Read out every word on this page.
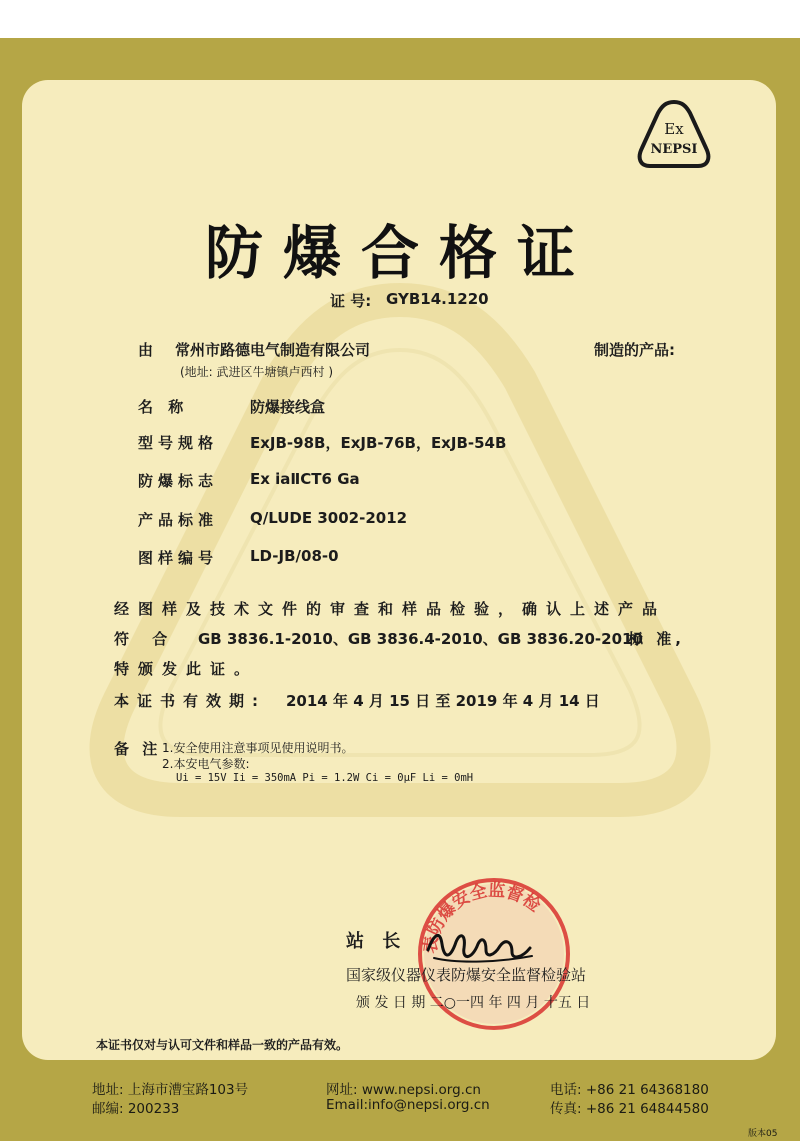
Ex
NEPSI
防爆合格证
证 号: GYB14.1220
由 常州市路德电气制造有限公司
(地址: 武进区牛塘镇卢西村 )
制造的产品:
名 称	防爆接线盒
型号规格 ExJB-98B，ExJB-76B，ExJB-54B
防爆标志 Ex iaⅡCT6 Ga
产品标准 Q/LUDE 3002-2012
图样编号 LD-JB/08-0
经图样及技术文件的审查和样品检验，确认上述产品
符 合 GB 3836.1-2010、GB 3836.4-2010、GB 3836.20-2010
标 准,
特颁发此证。
本证书有效期: 2014 年 4 月 15 日 至 2019 年 4 月 14 日
备 注 1.安全使用注意事项见使用说明书。
2.本安电气参数:
Ui = 15V Ii = 350mA Pi = 1.2W Ci = 0μF Li = 0mH
表防爆安全监督检
站 长
国家级仪器仪表防爆安全监督检验站
颁 发 日 期 二○一四 年 四 月 十五 日
本证书仅对与认可文件和样品一致的产品有效。
地址: 上海市漕宝路103号
邮编: 200233
网址: www.nepsi.org.cn
Email:info@nepsi.org.cn
电话: +86 21 64368180
传真: +86 21 64844580
版本05
